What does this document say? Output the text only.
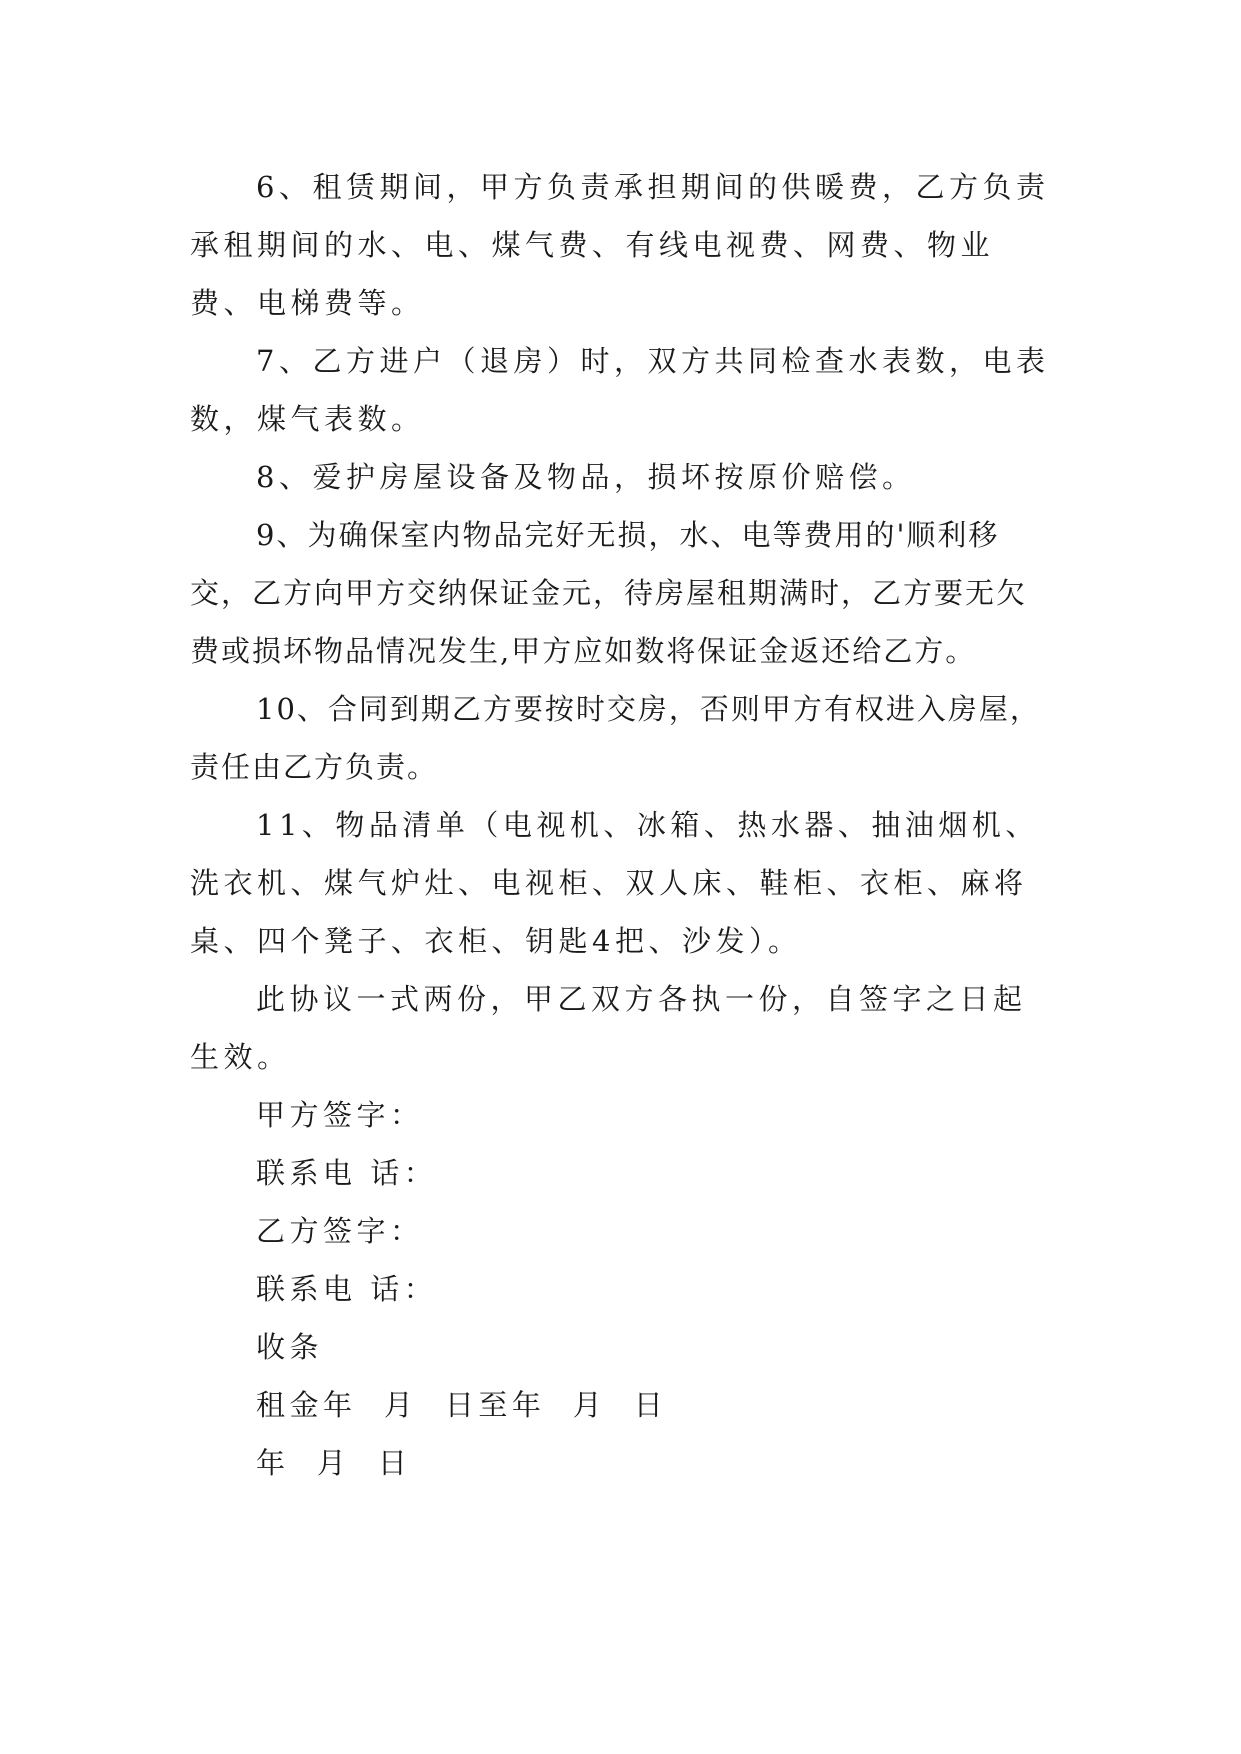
6、租赁期间，甲方负责承担期间的供暖费，乙方负责承租期间的水、电、煤气费、有线电视费、网费、物业费、电梯费等。

7、乙方进户（退房）时，双方共同检查水表数，电表数，煤气表数。

8、爱护房屋设备及物品，损坏按原价赔偿。

9、为确保室内物品完好无损，水、电等费用的'顺利移交，乙方向甲方交纳保证金元，待房屋租期满时，乙方要无欠费或损坏物品情况发生,甲方应如数将保证金返还给乙方。

10、合同到期乙方要按时交房，否则甲方有权进入房屋，责任由乙方负责。

11、物品清单（电视机、冰箱、热水器、抽油烟机、洗衣机、煤气炉灶、电视柜、双人床、鞋柜、衣柜、麻将桌、四个凳子、衣柜、钥匙4把、沙发）。

此协议一式两份，甲乙双方各执一份，自签字之日起生效。

甲方签字：

联系电 话：

乙方签字：

联系电 话：

收条

租金年  月  日至年  月  日

年  月  日
